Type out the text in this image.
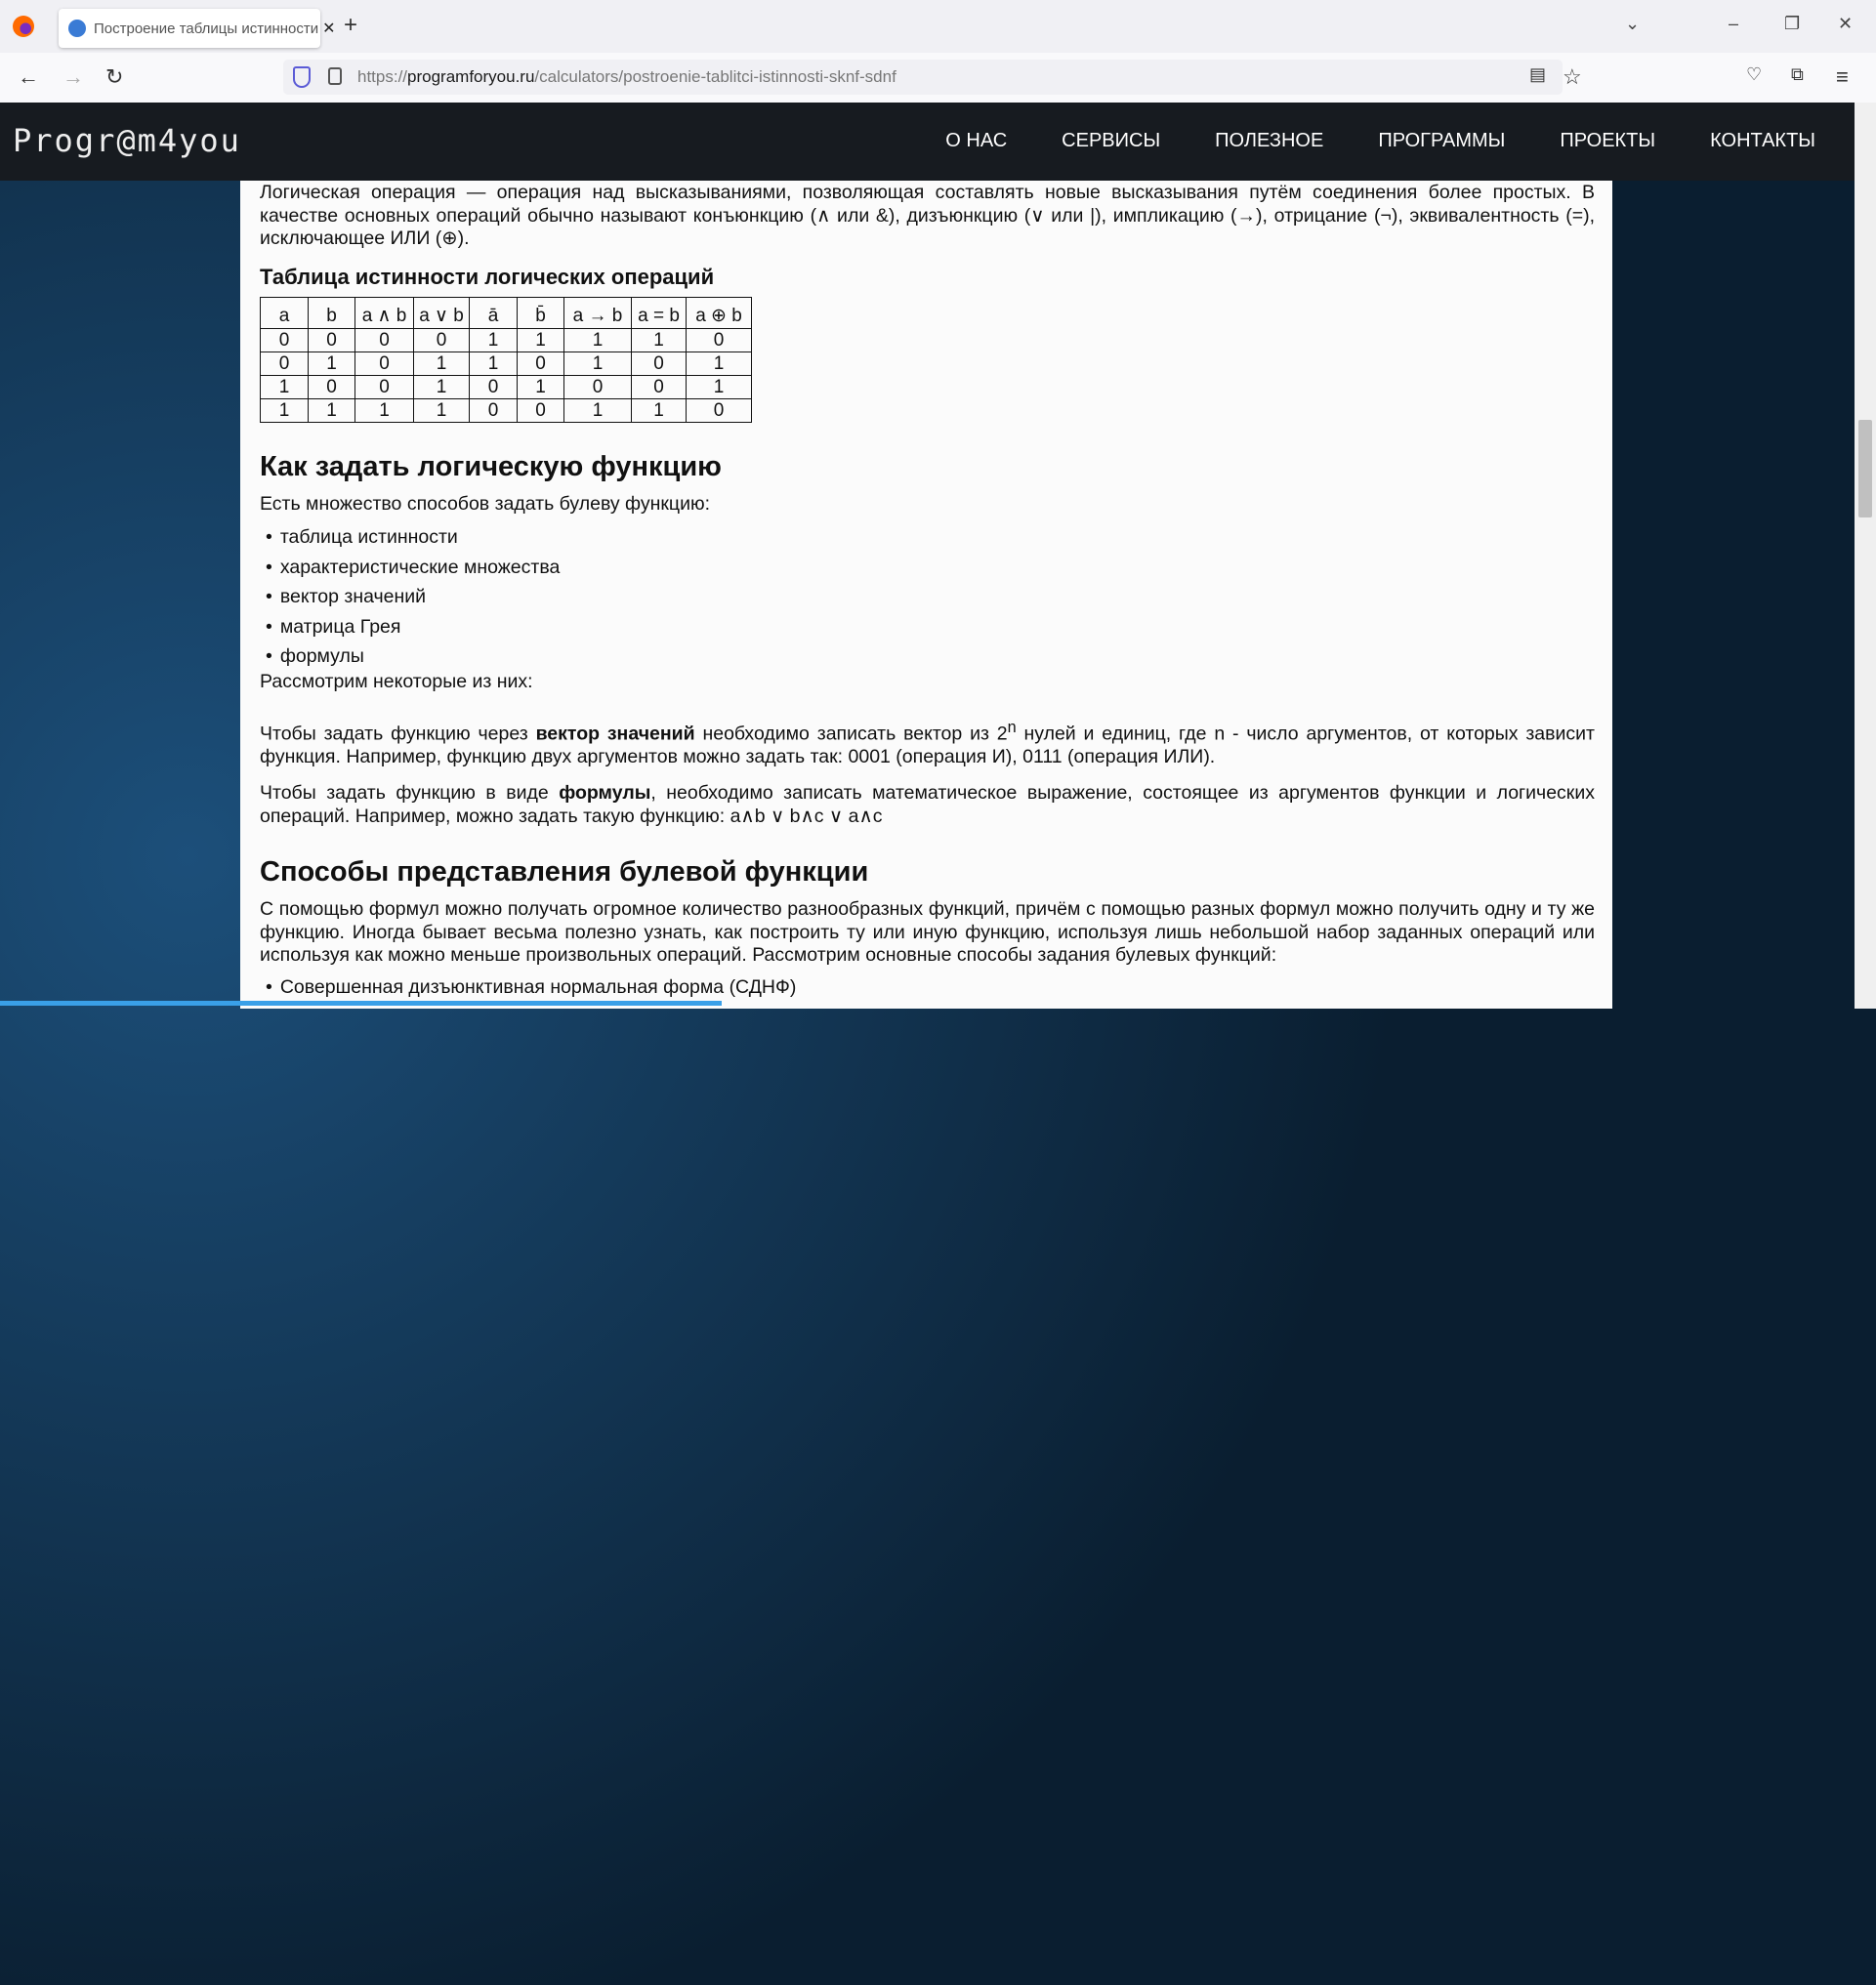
Построение таблицы истинности ✕ +	⌄	–	❐ ✕
← → ↻	https:// programforyou.ru /calculators/postroenie-tablitci-istinnosti-sknf-sdnf	▤ ☆	♡ ⧉ ≡
Progr@m4you	О НАС	СЕРВИСЫ	ПОЛЕЗНОЕ	ПРОГРАММЫ	ПРОЕКТЫ	КОНТАКТЫ

Логическая операция — операция над высказываниями, позволяющая составлять новые высказывания путём соединения более простых. В качестве основных операций обычно называют конъюнкцию (∧ или &), дизъюнкцию (∨ или |), импликацию (→), отрицание (¬), эквивалентность (=), исключающее ИЛИ (⊕).

Таблица истинности логических операций
a	b	a ∧ b	a ∨ b	ā	b̄	a → b	a = b	a ⊕ b
0	0	0	0	1	1	1	1	0
0	1	0	1	1	0	1	0	1
1	0	0	1	0	1	0	0	1
1	1	1	1	0	0	1	1	0
Как задать логическую функцию

Есть множество способов задать булеву функцию:

• таблица истинности
• характеристические множества
• вектор значений
• матрица Грея
• формулы

Рассмотрим некоторые из них:

Чтобы задать функцию через вектор значений необходимо записать вектор из 2$^n$ нулей и единиц, где n - число аргументов, от которых зависит функция. Например, функцию двух аргументов можно задать так: 0001 (операция И), 0111 (операция ИЛИ).

Чтобы задать функцию в виде формулы, необходимо записать математическое выражение, состоящее из аргументов функции и логических операций. Например, можно задать такую функцию: a∧b ∨ b∧c ∨ a∧c

Способы представления булевой функции

С помощью формул можно получать огромное количество разнообразных функций, причём с помощью разных формул можно получить одну и ту же функцию. Иногда бывает весьма полезно узнать, как построить ту или иную функцию, используя лишь небольшой набор заданных операций или используя как можно меньше произвольных операций. Рассмотрим основные способы задания булевых функций:

• Совершенная дизъюнктивная нормальная форма (СДНФ)
